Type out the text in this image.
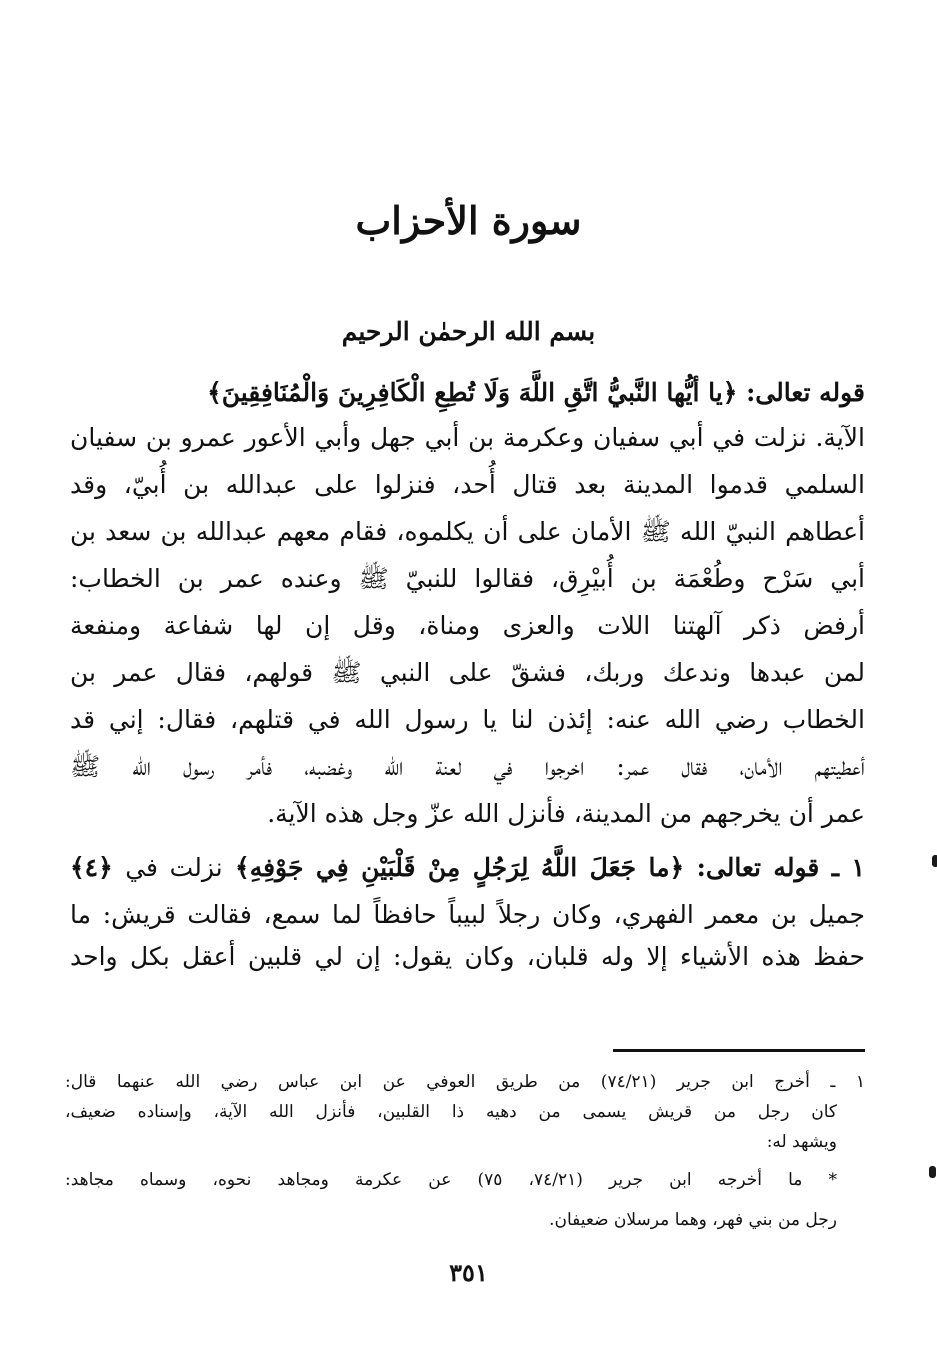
سورة الأحزاب
بسم الله الرحمٰن الرحيم
قوله تعالى: ﴿يا أيُّها النَّبيُّ اتَّقِ اللَّهَ وَلَا تُطِعِ الْكَافِرِينَ وَالْمُنَافِقِينَ﴾
الآية. نزلت في أبي سفيان وعكرمة بن أبي جهل وأبي الأعور عمرو بن سفيان
السلمي قدموا المدينة بعد قتال أُحد، فنزلوا على عبدالله بن أُبيّ، وقد
أعطاهم النبيّ الله ﷺ الأمان على أن يكلموه، فقام معهم عبدالله بن سعد بن
أبي سَرْح وطُعْمَة بن أُبيْرِق، فقالوا للنبيّ ﷺ وعنده عمر بن الخطاب:
أرفض ذكر آلهتنا اللات والعزى ومناة، وقل إن لها شفاعة ومنفعة
لمن عبدها وندعك وربك، فشقّ على النبي ﷺ قولهم، فقال عمر بن
الخطاب رضي الله عنه: إئذن لنا يا رسول الله في قتلهم، فقال: إني قد
أعطيتهم الأمان، فقال عمر: اخرجوا في لعنة الله وغضبه، فأمر رسول الله ﷺ
عمر أن يخرجهم من المدينة، فأنزل الله عزّ وجل هذه الآية.
١ ـ قوله تعالى: ﴿ما جَعَلَ اللَّهُ لِرَجُلٍ مِنْ قَلْبَيْنِ فِي جَوْفِهِ﴾ نزلت في ﴿٤﴾
جميل بن معمر الفهري، وكان رجلاً لبيباً حافظاً لما سمع، فقالت قريش: ما
حفظ هذه الأشياء إلا وله قلبان، وكان يقول: إن لي قلبين أعقل بكل واحد
١ ـ أخرج ابن جرير (٧٤/٢١) من طريق العوفي عن ابن عباس رضي الله عنهما قال:
كان رجل من قريش يسمى من دهيه ذا القلبين، فأنزل الله الآية، وإسناده ضعيف،
ويشهد له:
* ما أخرجه ابن جرير (٧٤/٢١، ٧٥) عن عكرمة ومجاهد نحوه، وسماه مجاهد:
رجل من بني فهر، وهما مرسلان ضعيفان.
٣٥١
